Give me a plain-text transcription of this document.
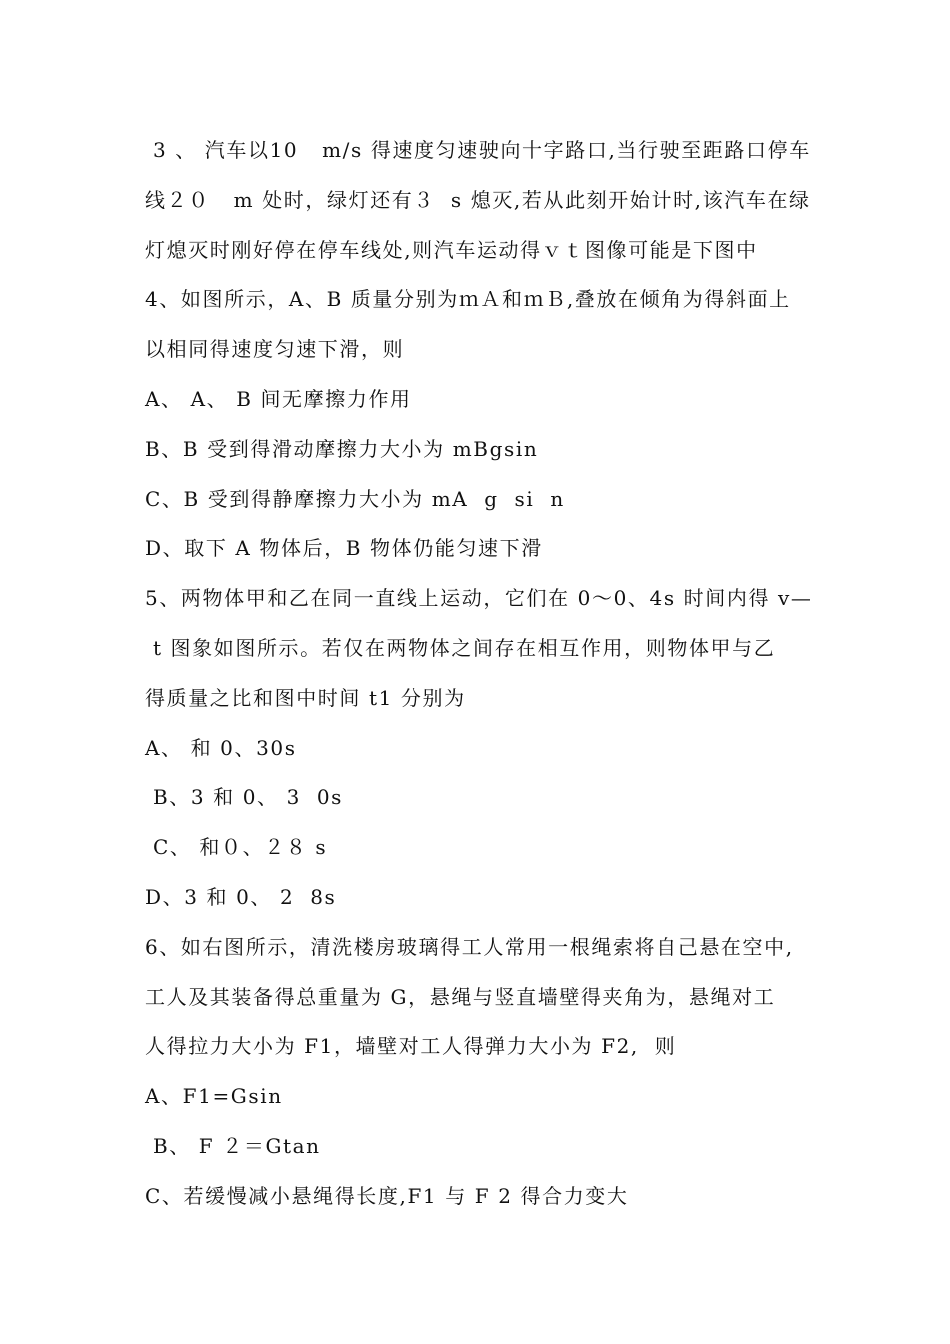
3 、 汽车以10   m/s 得速度匀速驶向十字路口,当行驶至距路口停车
线２０   m 处时，绿灯还有３  s 熄灭,若从此刻开始计时,该汽车在绿
灯熄灭时刚好停在停车线处,则汽车运动得ｖｔ图像可能是下图中
4、如图所示，A、B 质量分别为ｍＡ和ｍＢ,叠放在倾角为得斜面上
以相同得速度匀速下滑，则
A、 A、 B 间无摩擦力作用
B、B 受到得滑动摩擦力大小为 mBgsin
C、B 受到得静摩擦力大小为 mA  g  si  n
D、取下 A 物体后，B 物体仍能匀速下滑
5、两物体甲和乙在同一直线上运动，它们在 0～0、4s 时间内得 v—
t 图象如图所示。若仅在两物体之间存在相互作用，则物体甲与乙
得质量之比和图中时间 t1 分别为
A、 和 0、30s
B、3 和 0、 3  0s
C、 和０、２８ s
D、3 和 0、 2  8s
6、如右图所示，清洗楼房玻璃得工人常用一根绳索将自己悬在空中,
工人及其装备得总重量为 G，悬绳与竖直墙壁得夹角为，悬绳对工
人得拉力大小为 F1，墙壁对工人得弹力大小为 F2,  则
A、F1=Gsin
B、 F ２＝Gtan
C、若缓慢减小悬绳得长度,F1 与 F 2 得合力变大
